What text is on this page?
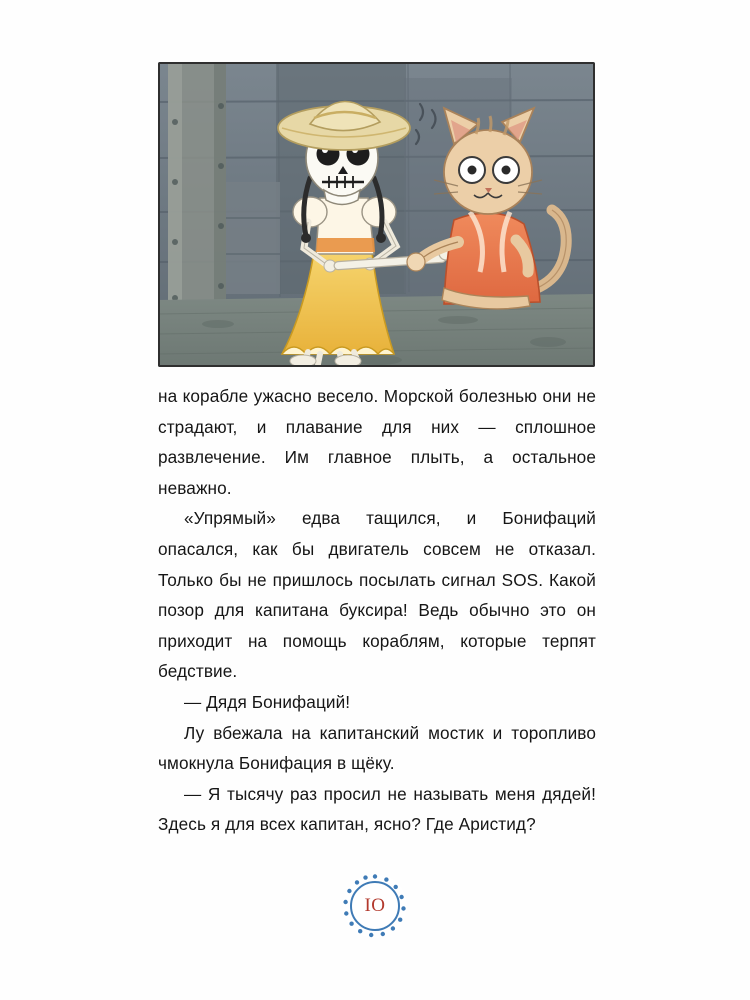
на корабле ужасно весело. Морской болезнью они не страдают, и плавание для них — сплошное развлечение. Им главное плыть, а остальное неважно.

«Упрямый» едва тащился, и Бонифаций опасался, как бы двигатель совсем не отказал. Только бы не пришлось посылать сигнал SOS. Какой позор для капитана буксира! Ведь обычно это он приходит на помощь кораблям, которые терпят бедствие.

— Дядя Бонифаций!

Лу вбежала на капитанский мостик и торопливо чмокнула Бонифация в щёку.

— Я тысячу раз просил не называть меня дядей! Здесь я для всех капитан, ясно? Где Аристид?

IO
